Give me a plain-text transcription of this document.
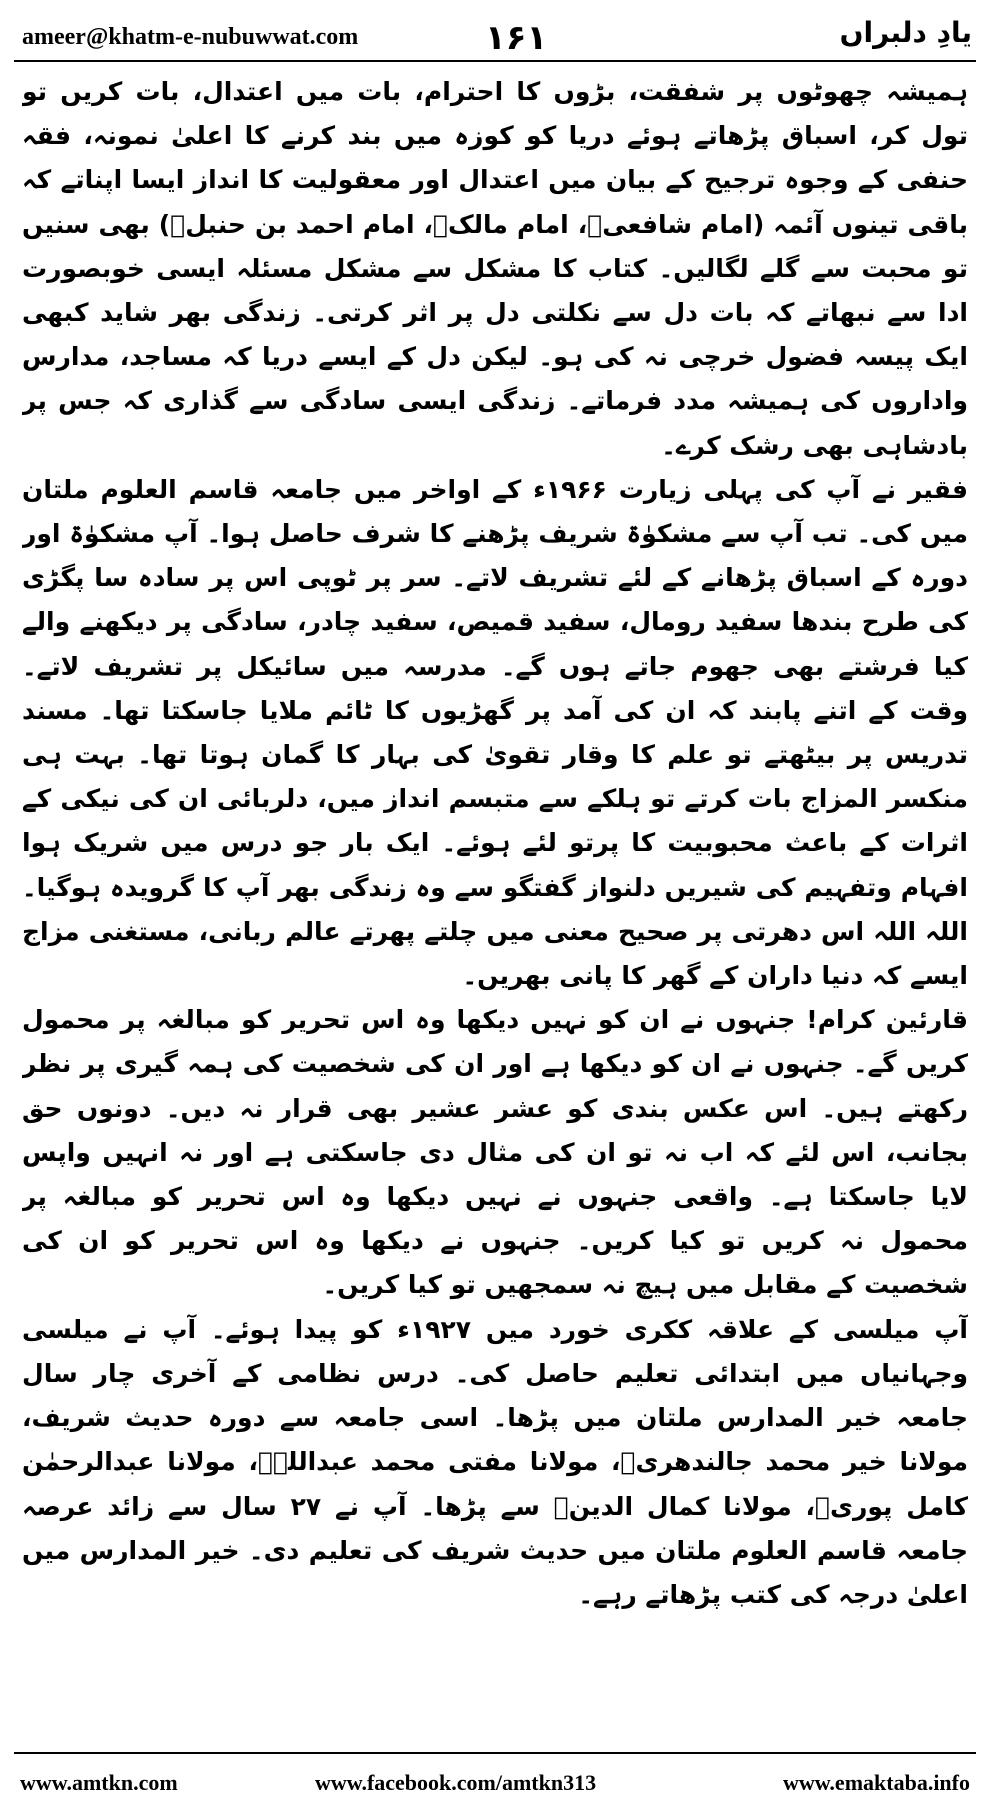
ameer@khatm-e-nubuwwat.com	۱۶۱	یادِ دلبراں

ہمیشہ چھوٹوں پر شفقت، بڑوں کا احترام، بات میں اعتدال، بات کریں تو تول کر، اسباق پڑھاتے ہوئے دریا کو کوزہ میں بند کرنے کا اعلیٰ نمونہ، فقہ حنفی کے وجوہ ترجیح کے بیان میں اعتدال اور معقولیت کا انداز ایسا اپناتے کہ باقی تینوں آئمہ (امام شافعیؒ، امام مالکؒ، امام احمد بن حنبلؒ) بھی سنیں تو محبت سے گلے لگالیں۔ کتاب کا مشکل سے مشکل مسئلہ ایسی خوبصورت ادا سے نبھاتے کہ بات دل سے نکلتی دل پر اثر کرتی۔ زندگی بھر شاید کبھی ایک پیسہ فضول خرچی نہ کی ہو۔ لیکن دل کے ایسے دریا کہ مساجد، مدارس واداروں کی ہمیشہ مدد فرماتے۔ زندگی ایسی سادگی سے گذاری کہ جس پر بادشاہی بھی رشک کرے۔

فقیر نے آپ کی پہلی زیارت ۱۹۶۶ء کے اواخر میں جامعہ قاسم العلوم ملتان میں کی۔ تب آپ سے مشکوٰۃ شریف پڑھنے کا شرف حاصل ہوا۔ آپ مشکوٰۃ اور دورہ کے اسباق پڑھانے کے لئے تشریف لاتے۔ سر پر ٹوپی اس پر سادہ سا پگڑی کی طرح بندھا سفید رومال، سفید قمیص، سفید چادر، سادگی پر دیکھنے والے کیا فرشتے بھی جھوم جاتے ہوں گے۔ مدرسہ میں سائیکل پر تشریف لاتے۔ وقت کے اتنے پابند کہ ان کی آمد پر گھڑیوں کا ٹائم ملایا جاسکتا تھا۔ مسند تدریس پر بیٹھتے تو علم کا وقار تقویٰ کی بہار کا گمان ہوتا تھا۔ بہت ہی منکسر المزاج بات کرتے تو ہلکے سے متبسم انداز میں، دلربائی ان کی نیکی کے اثرات کے باعث محبوبیت کا پرتو لئے ہوئے۔ ایک بار جو درس میں شریک ہوا افہام وتفہیم کی شیریں دلنواز گفتگو سے وہ زندگی بھر آپ کا گرویدہ ہوگیا۔ اللہ اللہ اس دھرتی پر صحیح معنی میں چلتے پھرتے عالم ربانی، مستغنی مزاج ایسے کہ دنیا داران کے گھر کا پانی بھریں۔

قارئین کرام! جنہوں نے ان کو نہیں دیکھا وہ اس تحریر کو مبالغہ پر محمول کریں گے۔ جنہوں نے ان کو دیکھا ہے اور ان کی شخصیت کی ہمہ گیری پر نظر رکھتے ہیں۔ اس عکس بندی کو عشر عشیر بھی قرار نہ دیں۔ دونوں حق بجانب، اس لئے کہ اب نہ تو ان کی مثال دی جاسکتی ہے اور نہ انہیں واپس لایا جاسکتا ہے۔ واقعی جنہوں نے نہیں دیکھا وہ اس تحریر کو مبالغہ پر محمول نہ کریں تو کیا کریں۔ جنہوں نے دیکھا وہ اس تحریر کو ان کی شخصیت کے مقابل میں ہیچ نہ سمجھیں تو کیا کریں۔

آپ میلسی کے علاقہ ککری خورد میں ۱۹۲۷ء کو پیدا ہوئے۔ آپ نے میلسی وجہانیاں میں ابتدائی تعلیم حاصل کی۔ درس نظامی کے آخری چار سال جامعہ خیر المدارس ملتان میں پڑھا۔ اسی جامعہ سے دورہ حدیث شریف، مولانا خیر محمد جالندھریؒ، مولانا مفتی محمد عبداللہؒ، مولانا عبدالرحمٰن کامل پوریؒ، مولانا کمال الدینؒ سے پڑھا۔ آپ نے ۲۷ سال سے زائد عرصہ جامعہ قاسم العلوم ملتان میں حدیث شریف کی تعلیم دی۔ خیر المدارس میں اعلیٰ درجہ کی کتب پڑھاتے رہے۔

www.amtkn.com	www.facebook.com/amtkn313	www.emaktaba.info
